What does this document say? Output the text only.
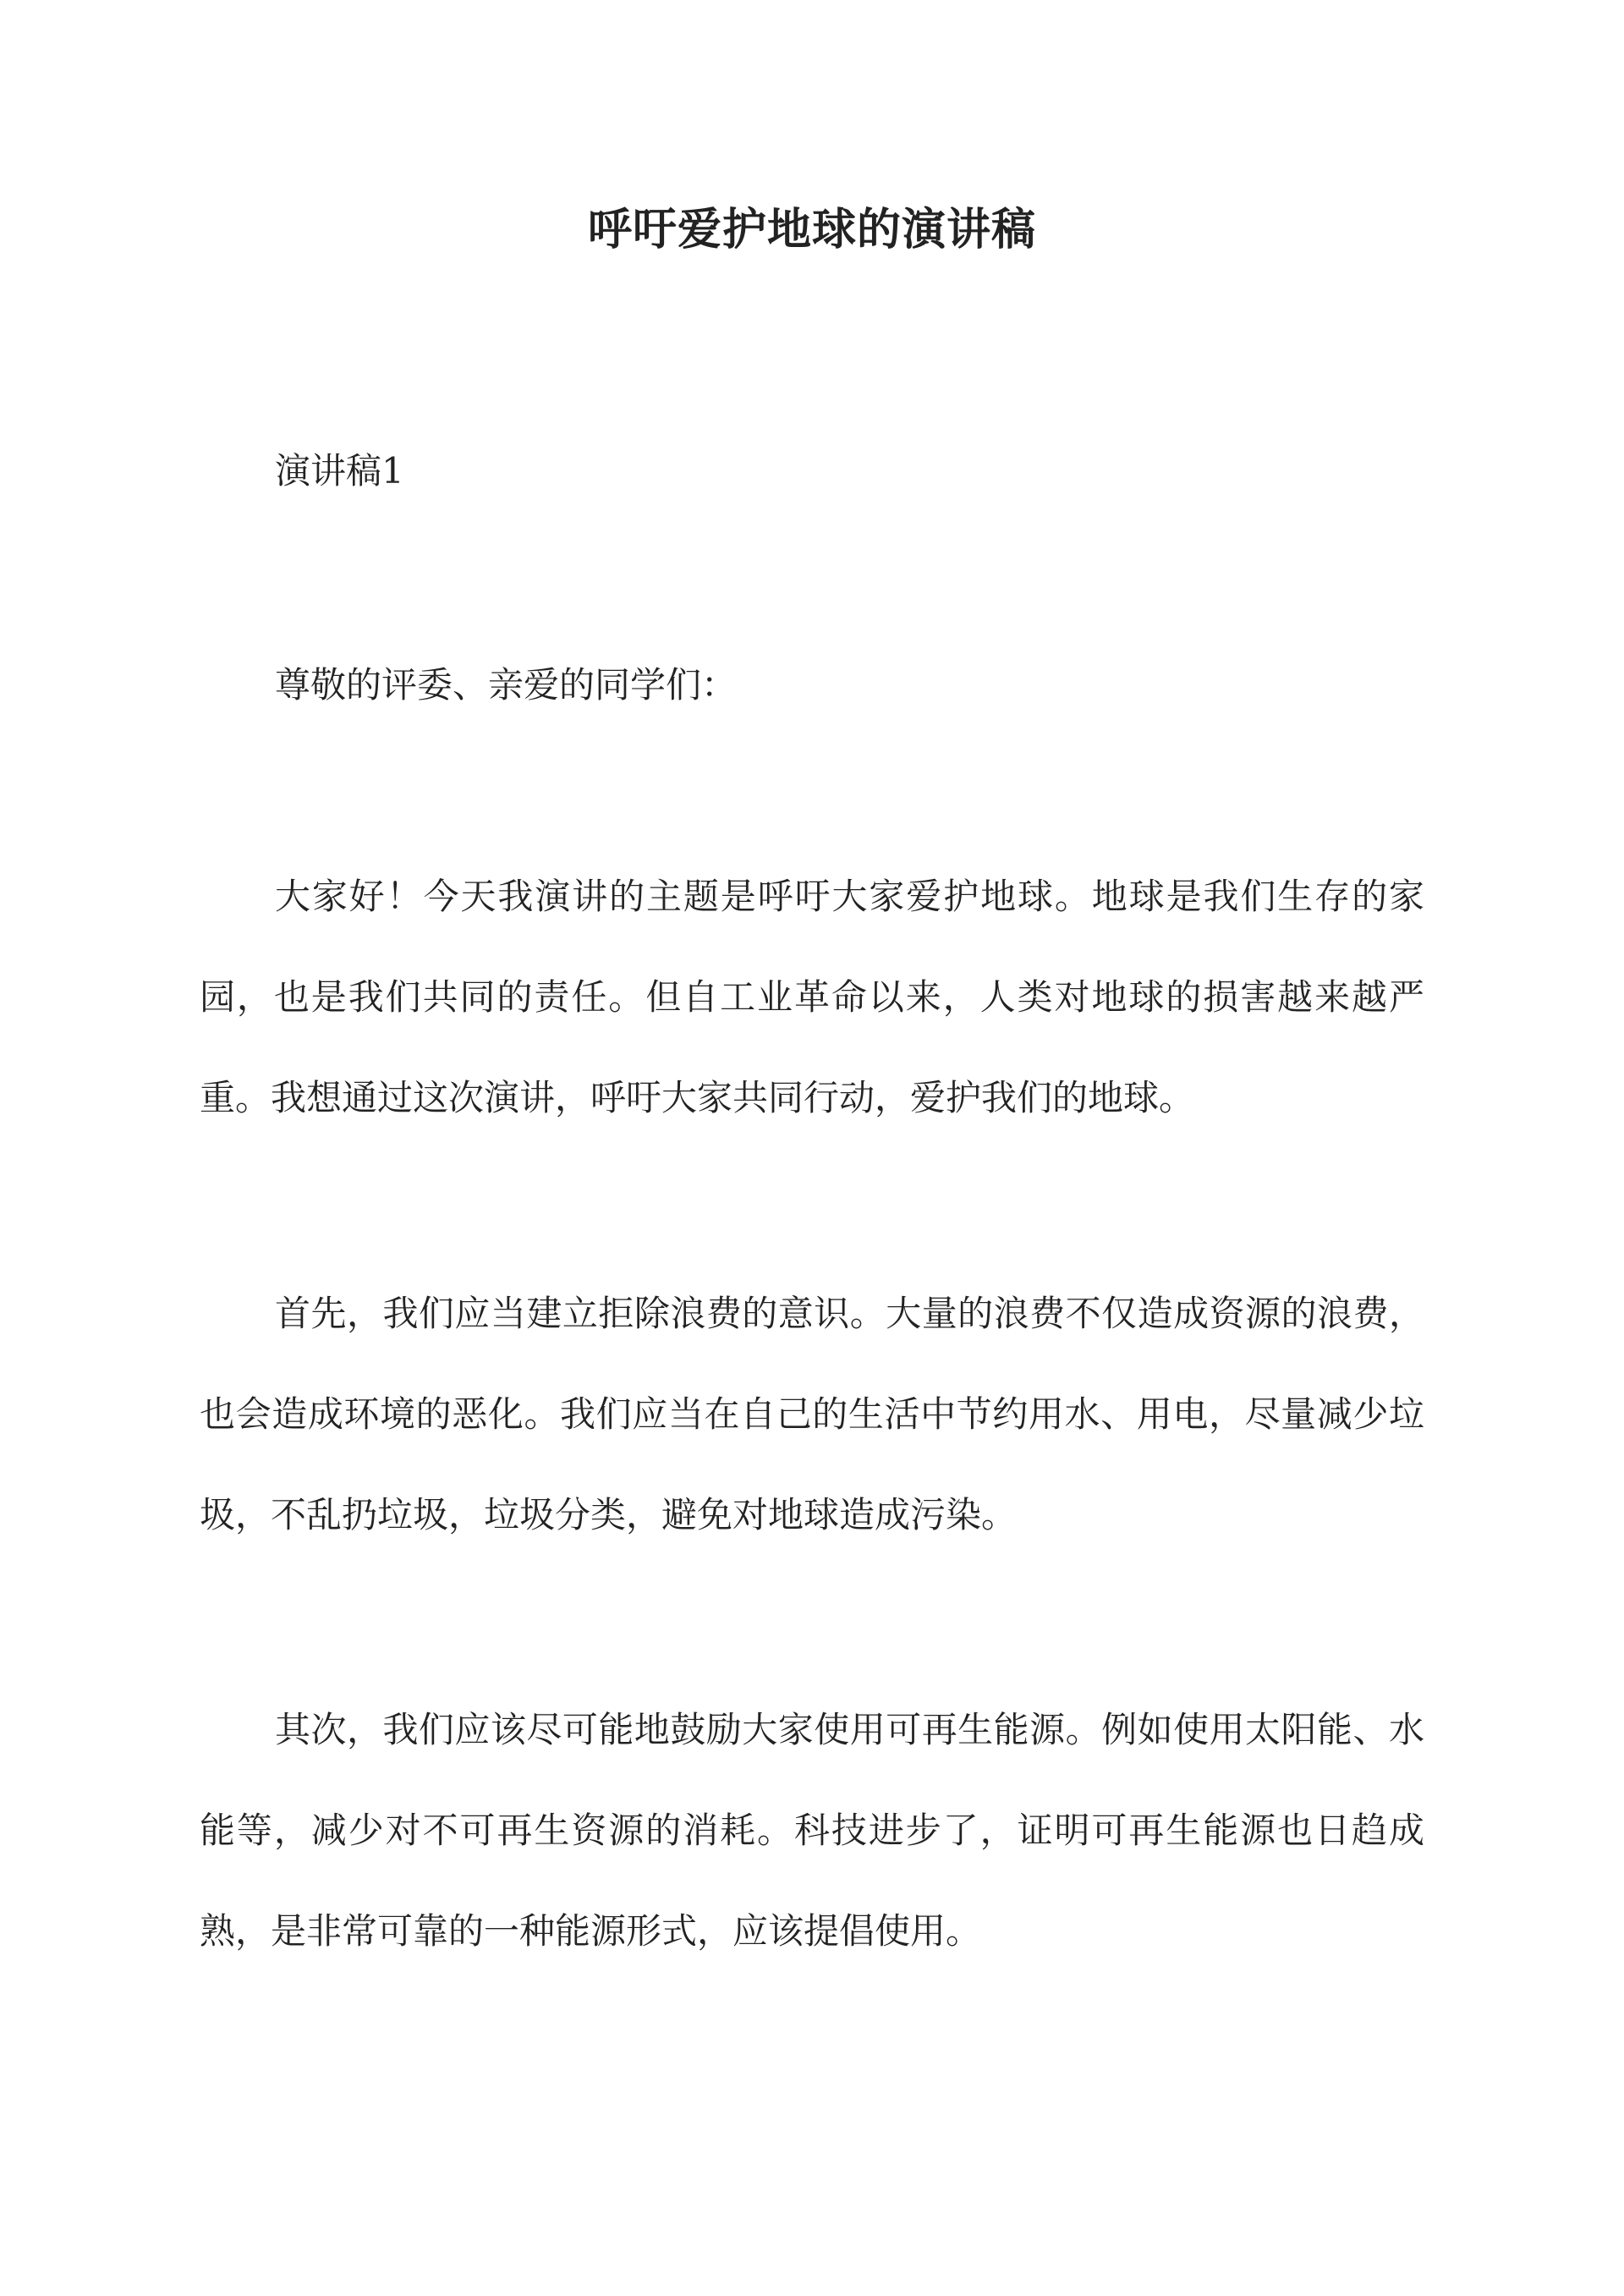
呼吁爱护地球的演讲稿

演讲稿1

尊敬的评委、亲爱的同学们：

大家好！今天我演讲的主题是呼吁大家爱护地球。地球是我们生存的家园，也是我们共同的责任。但自工业革命以来，人类对地球的损害越来越严重。我想通过这次演讲，呼吁大家共同行动，爱护我们的地球。

首先，我们应当建立拒除浪费的意识。大量的浪费不仅造成资源的浪费，也会造成环境的恶化。我们应当在自己的生活中节约用水、用电，尽量减少垃圾，不乱扔垃圾，垃圾分类，避免对地球造成污染。

其次，我们应该尽可能地鼓励大家使用可再生能源。例如使用太阳能、水能等，减少对不可再生资源的消耗。科技进步了，证明可再生能源也日趋成熟，是非常可靠的一种能源形式，应该提倡使用。
